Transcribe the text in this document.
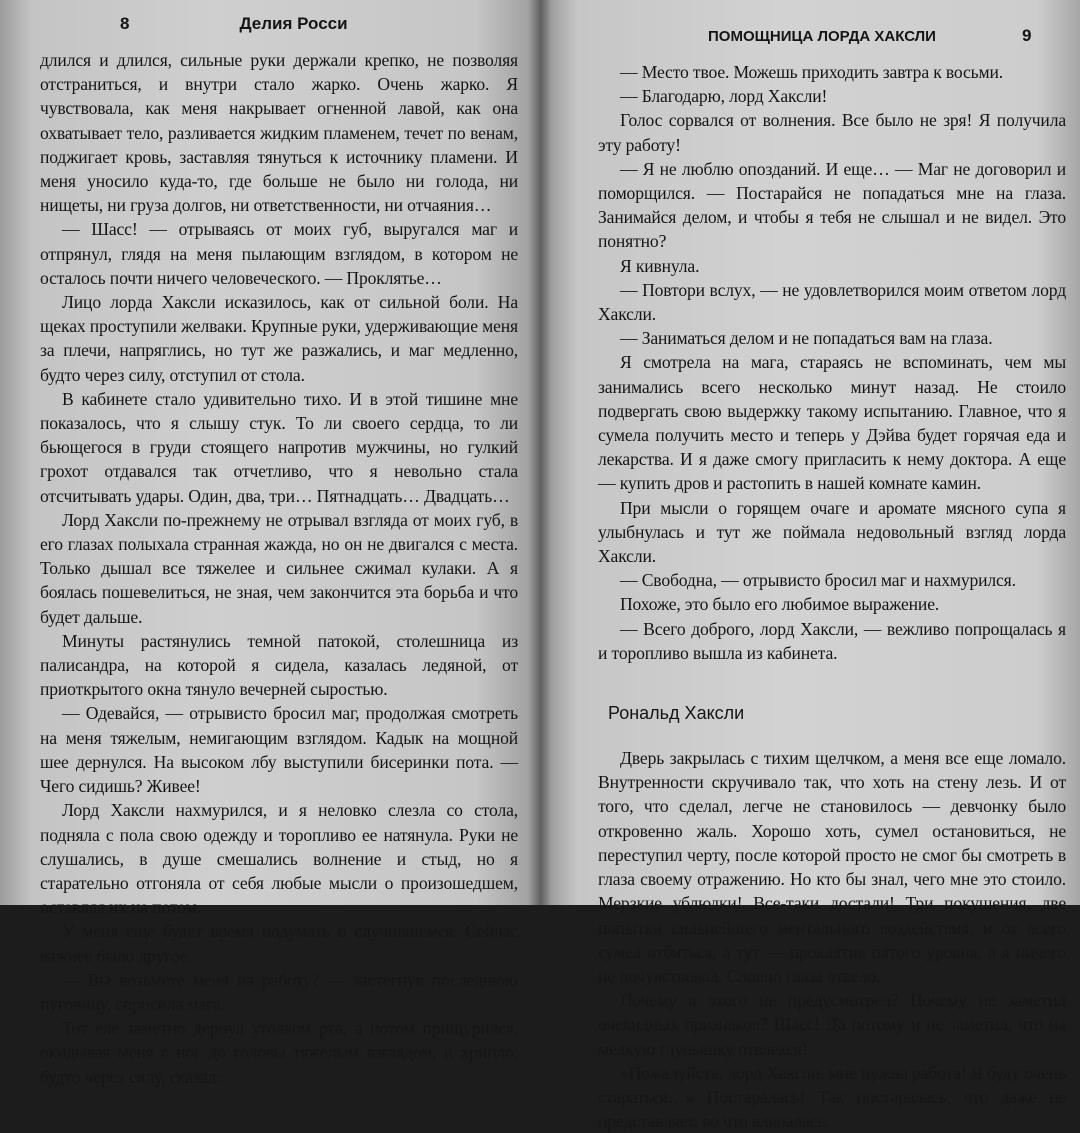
8	Делия Росси

длился и длился, сильные руки держали крепко, не позволяя отстраниться, и внутри стало жарко. Очень жарко. Я чувствовала, как меня накрывает огненной лавой, как она охватывает тело, разливается жидким пламенем, течет по венам, поджигает кровь, заставляя тянуться к источнику пламени. И меня уносило куда-то, где больше не было ни голода, ни нищеты, ни груза долгов, ни ответственности, ни отчаяния…

— Шасс! — отрываясь от моих губ, выругался маг и отпрянул, глядя на меня пылающим взглядом, в котором не осталось почти ничего человеческого. — Проклятье…

Лицо лорда Хаксли исказилось, как от сильной боли. На щеках проступили желваки. Крупные руки, удерживающие меня за плечи, напряглись, но тут же разжались, и маг медленно, будто через силу, отступил от стола.

В кабинете стало удивительно тихо. И в этой тишине мне показалось, что я слышу стук. То ли своего сердца, то ли бьющегося в груди стоящего напротив мужчины, но гулкий грохот отдавался так отчетливо, что я невольно стала отсчитывать удары. Один, два, три… Пятнадцать… Двадцать…

Лорд Хаксли по-прежнему не отрывал взгляда от моих губ, в его глазах полыхала странная жажда, но он не двигался с места. Только дышал все тяжелее и сильнее сжимал кулаки. А я боялась пошевелиться, не зная, чем закончится эта борьба и что будет дальше.

Минуты растянулись темной патокой, столешница из палисандра, на которой я сидела, казалась ледяной, от приоткрытого окна тянуло вечерней сыростью.

— Одевайся, — отрывисто бросил маг, продолжая смотреть на меня тяжелым, немигающим взглядом. Кадык на мощной шее дернулся. На высоком лбу выступили бисеринки пота. — Чего сидишь? Живее!

Лорд Хаксли нахмурился, и я неловко слезла со стола, подняла с пола свою одежду и торопливо ее натянула. Руки не слушались, в душе смешались волнение и стыд, но я старательно отгоняла от себя любые мысли о произошедшем, оставляя их на потом.

У меня еще будет время подумать о случившемся. Сейчас важнее было другое.

— Вы возьмете меня на работу? — застегнув последнюю пуговицу, спросила мага.

Тот еле заметно дернул уголком рта, а потом прищурился, окидывая меня с ног до головы тяжелым взглядом, и хрипло, будто через силу, сказал:

ПОМОЩНИЦА ЛОРДА ХАКСЛИ	9

— Место твое. Можешь приходить завтра к восьми.

— Благодарю, лорд Хаксли!

Голос сорвался от волнения. Все было не зря! Я получила эту работу!

— Я не люблю опозданий. И еще… — Маг не договорил и поморщился. — Постарайся не попадаться мне на глаза. Занимайся делом, и чтобы я тебя не слышал и не видел. Это понятно?

Я кивнула.

— Повтори вслух, — не удовлетворился моим ответом лорд Хаксли.

— Заниматься делом и не попадаться вам на глаза.

Я смотрела на мага, стараясь не вспоминать, чем мы занимались всего несколько минут назад. Не стоило подвергать свою выдержку такому испытанию. Главное, что я сумела получить место и теперь у Дэйва будет горячая еда и лекарства. И я даже смогу пригласить к нему доктора. А еще — купить дров и растопить в нашей комнате камин.

При мысли о горящем очаге и аромате мясного супа я улыбнулась и тут же поймала недовольный взгляд лорда Хаксли.

— Свободна, — отрывисто бросил маг и нахмурился.

Похоже, это было его любимое выражение.

— Всего доброго, лорд Хаксли, — вежливо попрощалась я и торопливо вышла из кабинета.

Рональд Хаксли

Дверь закрылась с тихим щелчком, а меня все еще ломало. Внутренности скручивало так, что хоть на стену лезь. И от того, что сделал, легче не становилось — девчонку было откровенно жаль. Хорошо хоть, сумел остановиться, не переступил черту, после которой просто не смог бы смотреть в глаза своему отражению. Но кто бы знал, чего мне это стоило. Мерзкие ублюдки! Все-таки достали! Три покушения, две попытки сильнейшего ментального воздействия, и от всего сумел отбиться, а тут — проклятие пятого уровня, а я ничего не почувствовал. Словно глаза отвело.

Почему я этого не предусмотрел? Почему не заметил очевидных признаков? Шасс! Да потому и не заметил, что на мелкую глупышку отвлекся!

«Пожалуйста, лорд Хаксли, мне нужна работа! Я буду очень стараться…» Постаралась! Так постаралась, что даже не представляет, во что вляпалась.
